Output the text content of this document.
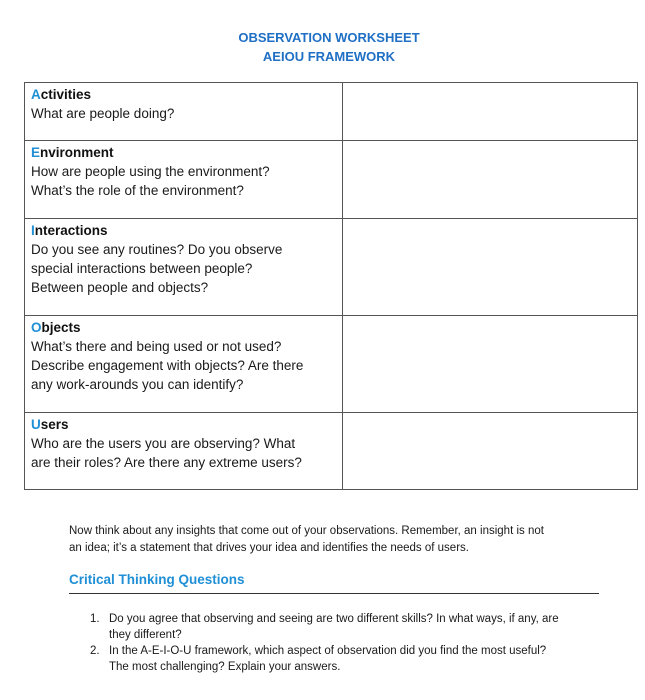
OBSERVATION WORKSHEET
AEIOU FRAMEWORK
Activities
What are people doing?	

Environment
How are people using the environment?
What’s the role of the environment?	

Interactions
Do you see any routines? Do you observe
special interactions between people?
Between people and objects?	

Objects
What’s there and being used or not used?
Describe engagement with objects? Are there
any work-arounds you can identify?	

Users
Who are the users you are observing? What
are their roles? Are there any extreme users?	

Now think about any insights that come out of your observations. Remember, an insight is not
an idea; it’s a statement that drives your idea and identifies the needs of users.
Critical Thinking Questions
1. Do you agree that observing and seeing are two different skills? In what ways, if any, are
they different?
2. In the A-E-I-O-U framework, which aspect of observation did you find the most useful?
The most challenging? Explain your answers.
